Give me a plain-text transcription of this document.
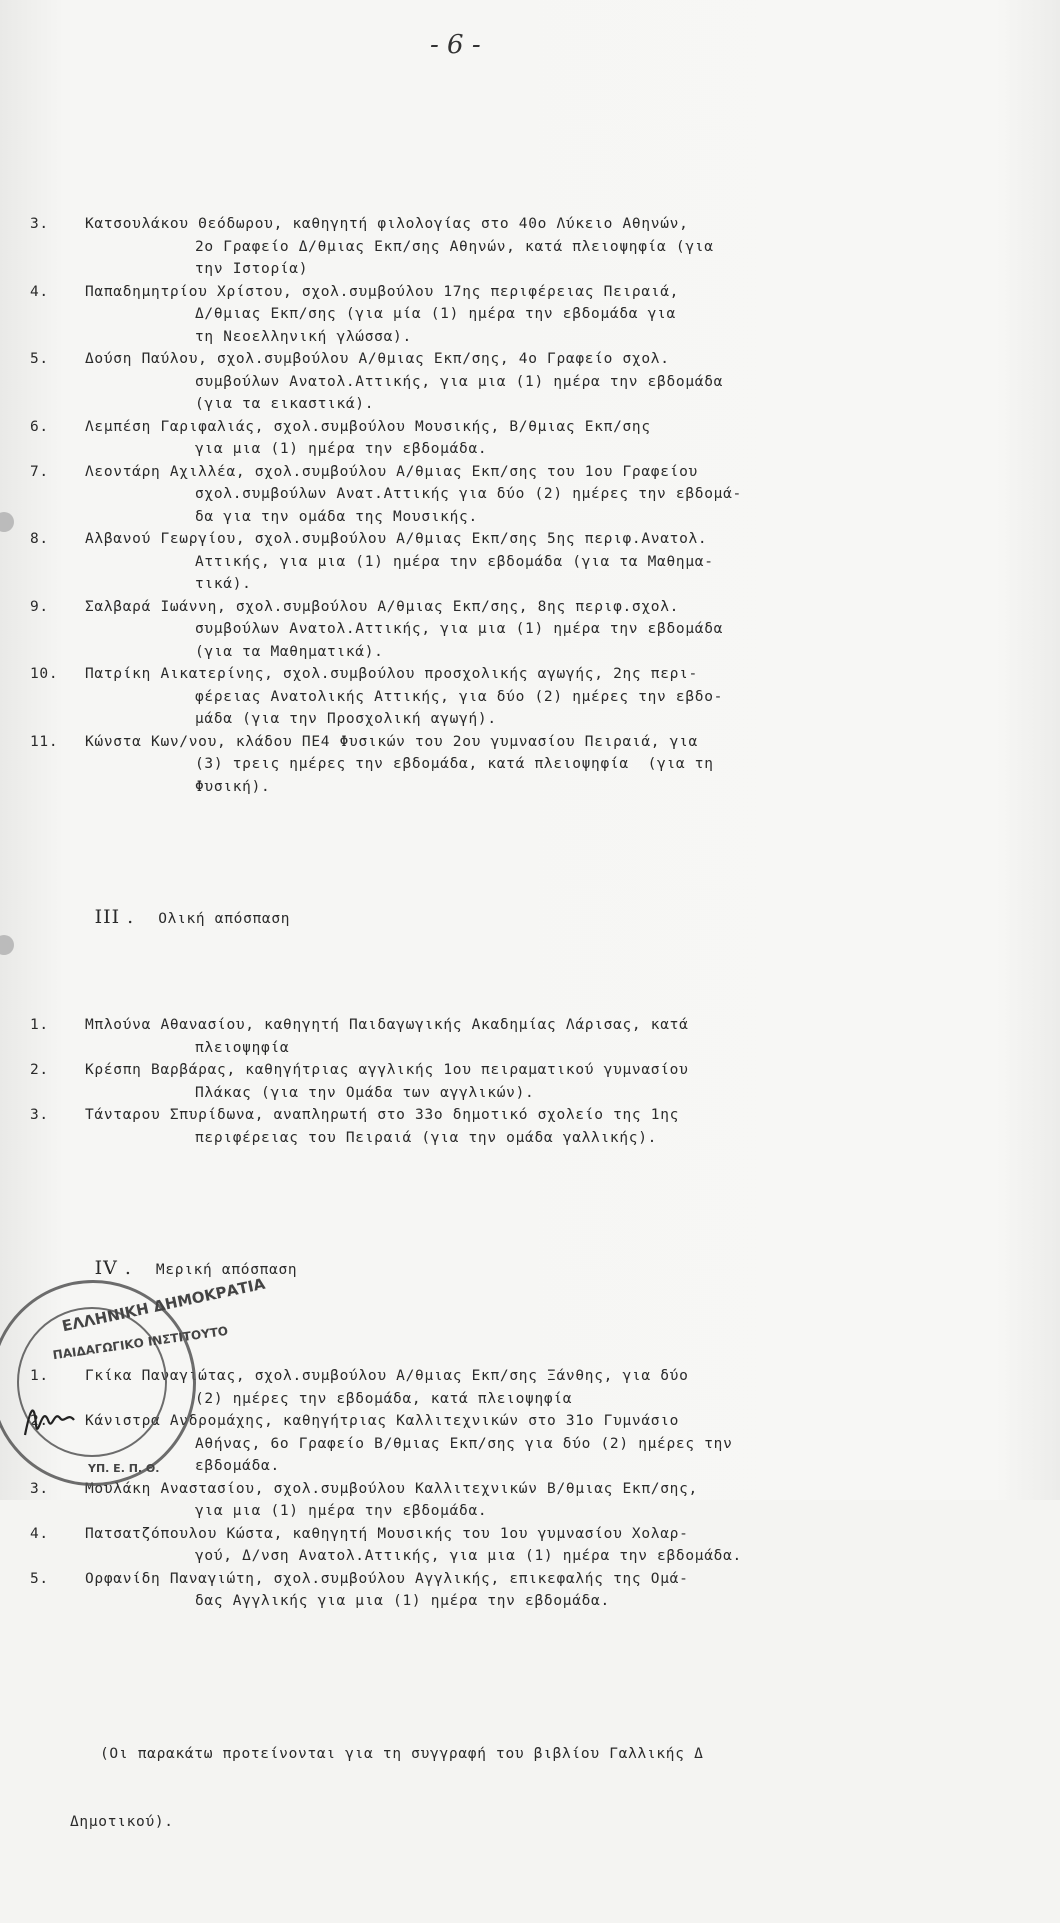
- 6 -

3. Κατσουλάκου Θεόδωρου, καθηγητή φιλολογίας στο 40ο Λύκειο Αθηνών,
2ο Γραφείο Δ/θμιας Εκπ/σης Αθηνών, κατά πλειοψηφία (για
την Ιστορία)
4. Παπαδημητρίου Χρίστου, σχολ.συμβούλου 17ης περιφέρειας Πειραιά,
Δ/θμιας Εκπ/σης (για μία (1) ημέρα την εβδομάδα για
τη Νεοελληνική γλώσσα).
5. Δούση Παύλου, σχολ.συμβούλου Α/θμιας Εκπ/σης, 4ο Γραφείο σχολ.
συμβούλων Ανατολ.Αττικής, για μια (1) ημέρα την εβδομάδα
(για τα εικαστικά).
6. Λεμπέση Γαριφαλιάς, σχολ.συμβούλου Μουσικής, Β/θμιας Εκπ/σης
για μια (1) ημέρα την εβδομάδα.
7. Λεοντάρη Αχιλλέα, σχολ.συμβούλου Α/θμιας Εκπ/σης του 1ου Γραφείου
σχολ.συμβούλων Ανατ.Αττικής για δύο (2) ημέρες την εβδομά-
δα για την ομάδα της Μουσικής.
8. Αλβανού Γεωργίου, σχολ.συμβούλου Α/θμιας Εκπ/σης 5ης περιφ.Ανατολ.
Αττικής, για μια (1) ημέρα την εβδομάδα (για τα Μαθημα-
τικά).
9. Σαλβαρά Ιωάννη, σχολ.συμβούλου Α/θμιας Εκπ/σης, 8ης περιφ.σχολ.
συμβούλων Ανατολ.Αττικής, για μια (1) ημέρα την εβδομάδα
(για τα Μαθηματικά).
10. Πατρίκη Αικατερίνης, σχολ.συμβούλου προσχολικής αγωγής, 2ης περι-
φέρειας Ανατολικής Αττικής, για δύο (2) ημέρες την εβδο-
μάδα (για την Προσχολική αγωγή).
11. Κώνστα Κων/νου, κλάδου ΠΕ4 Φυσικών του 2ου γυμνασίου Πειραιά, για
(3) τρεις ημέρες την εβδομάδα, κατά πλειοψηφία  (για τη
Φυσική).

III . Ολική απόσπαση

1. Μπλούνα Αθανασίου, καθηγητή Παιδαγωγικής Ακαδημίας Λάρισας, κατά
πλειοψηφία
2. Κρέσπη Βαρβάρας, καθηγήτριας αγγλικής 1ου πειραματικού γυμνασίου
Πλάκας (για την Ομάδα των αγγλικών).
3. Τάνταρου Σπυρίδωνα, αναπληρωτή στο 33ο δημοτικό σχολείο της 1ης
περιφέρειας του Πειραιά (για την ομάδα γαλλικής).

IV . Μερική απόσπαση

1. Γκίκα Παναγιώτας, σχολ.συμβούλου Α/θμιας Εκπ/σης Ξάνθης, για δύο
(2) ημέρες την εβδομάδα, κατά πλειοψηφία
2. Κάνιστρα Ανδρομάχης, καθηγήτριας Καλλιτεχνικών στο 31ο Γυμνάσιο
Αθήνας, 6ο Γραφείο Β/θμιας Εκπ/σης για δύο (2) ημέρες την
εβδομάδα.
3. Μουλάκη Αναστασίου, σχολ.συμβούλου Καλλιτεχνικών Β/θμιας Εκπ/σης,
για μια (1) ημέρα την εβδομάδα.
4. Πατσατζόπουλου Κώστα, καθηγητή Μουσικής του 1ου γυμνασίου Χολαρ-
γού, Δ/νση Ανατολ.Αττικής, για μια (1) ημέρα την εβδομάδα.
5. Ορφανίδη Παναγιώτη, σχολ.συμβούλου Αγγλικής, επικεφαλής της Ομά-
δας Αγγλικής για μια (1) ημέρα την εβδομάδα.

(Οι παρακάτω προτείνονται για τη συγγραφή του βιβλίου Γαλλικής Δ

Δημοτικού).

ΕΛΛΗΝΙΚΗ ΔΗΜΟΚΡΑΤΙΑ
ΠΑΙΔΑΓΩΓΙΚΟ ΙΝΣΤΙΤΟΥΤΟ
ΥΠ. Ε. Π. Θ.
